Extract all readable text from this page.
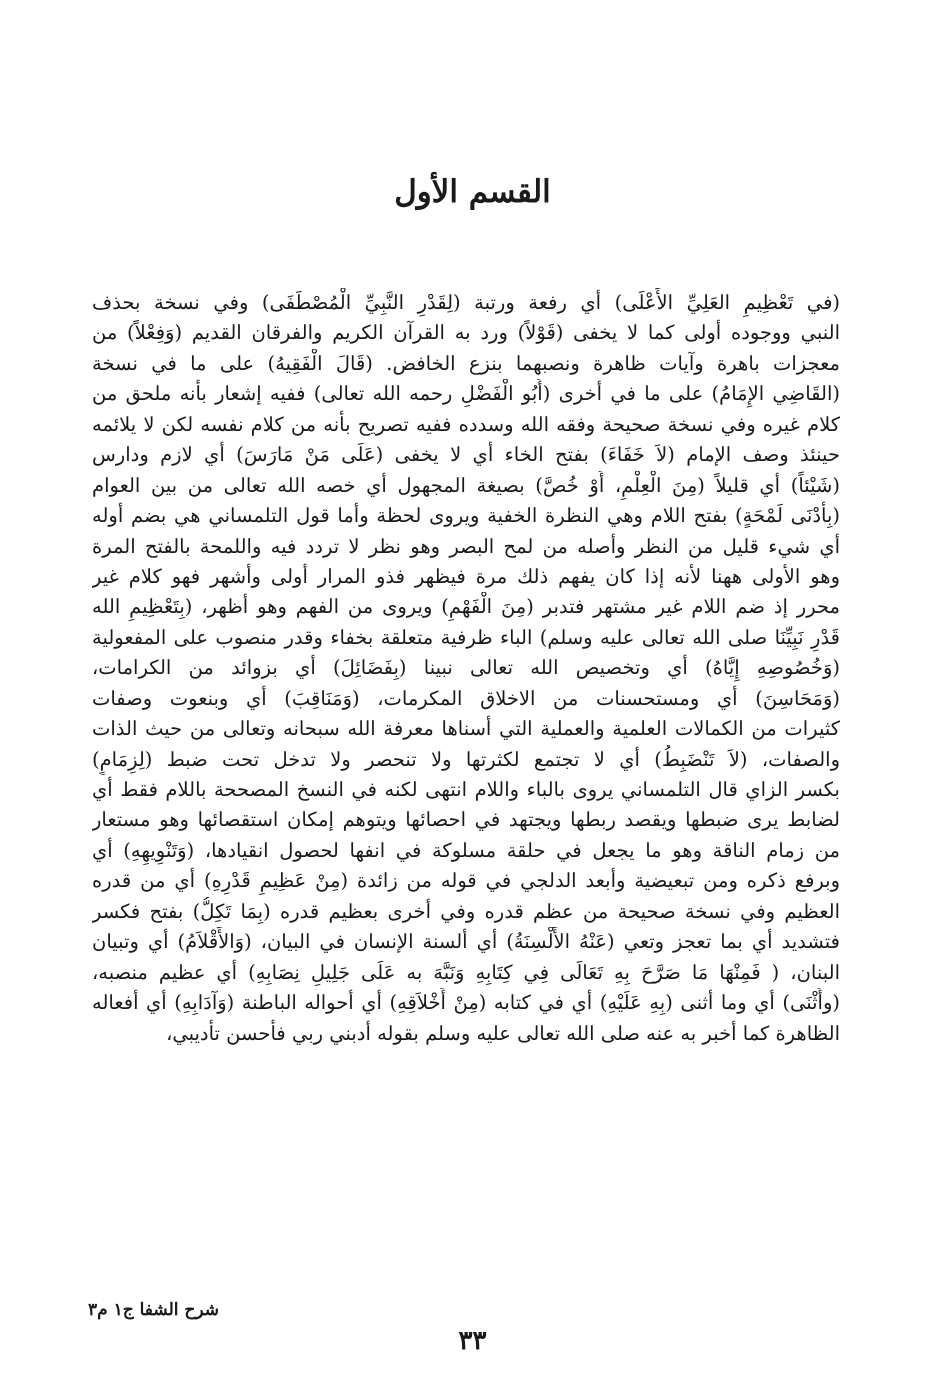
القسم الأول
(في تَعْظِيمِ العَلِيِّ الأَعْلَى) أي رفعة ورتبة (لِقَدْرِ النَّبِيِّ الْمُصْطَفَى) وفي نسخة بحذف
النبي ووجوده أولى كما لا يخفى (قَوْلاً) ورد به القرآن الكريم والفرقان القديم (وَفِعْلاً) من
معجزات باهرة وآيات ظاهرة ونصبهما بنزع الخافض. (قَالَ الْفَقِيهُ) على ما في نسخة
(القَاضِي الإِمَامُ) على ما في أخرى (أَبُو الْفَضْلِ رحمه الله تعالى) ففيه إشعار بأنه ملحق من
كلام غيره وفي نسخة صحيحة وفقه الله وسدده ففيه تصريح بأنه من كلام نفسه لكن لا يلائمه
حينئذ وصف الإمام (لاَ خَفَاءَ) بفتح الخاء أي لا يخفى (عَلَى مَنْ مَارَسَ) أي لازم ودارس
(شَيْئاً) أي قليلاً (مِنَ الْعِلْمِ، أَوْ خُصَّ) بصيغة المجهول أي خصه الله تعالى من بين العوام
(بِأَدْنَى لَمْحَةٍ) بفتح اللام وهي النظرة الخفية ويروى لحظة وأما قول التلمساني هي بضم أوله
أي شيء قليل من النظر وأصله من لمح البصر وهو نظر لا تردد فيه واللمحة بالفتح المرة
وهو الأولى ههنا لأنه إذا كان يفهم ذلك مرة فيظهر فذو المرار أولى وأشهر فهو كلام غير
محرر إذ ضم اللام غير مشتهر فتدبر (مِنَ الْفَهْمِ) ويروى من الفهم وهو أظهر، (بِتَعْظِيمِ الله
قَدْرِ نَبِيِّنَا صلى الله تعالى عليه وسلم) الباء ظرفية متعلقة بخفاء وقدر منصوب على المفعولية
(وَخُصُوصِهِ إِيَّاهُ) أي وتخصيص الله تعالى نبينا (بِفَضَائِلَ) أي بزوائد من الكرامات،
(وَمَحَاسِنَ) أي ومستحسنات من الاخلاق المكرمات، (وَمَنَاقِبَ) أي وبنعوت وصفات
كثيرات من الكمالات العلمية والعملية التي أسناها معرفة الله سبحانه وتعالى من حيث الذات
والصفات، (لاَ تَنْضَبِطُ) أي لا تجتمع لكثرتها ولا تنحصر ولا تدخل تحت ضبط (لِزِمَامٍ)
بكسر الزاي قال التلمساني يروى بالباء واللام انتهى لكنه في النسخ المصححة باللام فقط أي
لضابط يرى ضبطها ويقصد ربطها ويجتهد في احصائها ويتوهم إمكان استقصائها وهو مستعار
من زمام الناقة وهو ما يجعل في حلقة مسلوكة في انفها لحصول انقيادها، (وَتَنْوِيهِهِ) أي
وبرفع ذكره ومن تبعيضية وأبعد الدلجي في قوله من زائدة (مِنْ عَظِيمِ قَدْرِهِ) أي من قدره
العظيم وفي نسخة صحيحة من عظم قدره وفي أخرى بعظيم قدره (بِمَا تَكِلُّ) بفتح فكسر
فتشديد أي بما تعجز وتعي (عَنْهُ الأَلْسِنَةُ) أي ألسنة الإنسان في البيان، (وَالأَقْلاَمُ) أي وتبيان
البنان، ( فَمِنْهَا مَا صَرَّحَ بِهِ تَعَالَى فِي كِتَابِهِ وَنَبَّهَ به عَلَى جَلِيلِ نِصَابِهِ) أي عظيم منصبه،
(وأَثْنَى) أي وما أثنى (بِهِ عَلَيْهِ) أي في كتابه (مِنْ أَخْلاَقِهِ) أي أحواله الباطنة (وَآدَابِهِ) أي أفعاله
الظاهرة كما أخبر به عنه صلى الله تعالى عليه وسلم بقوله أدبني ربي فأحسن تأديبي،
شرح الشفا ج١ م٣
٣٣
